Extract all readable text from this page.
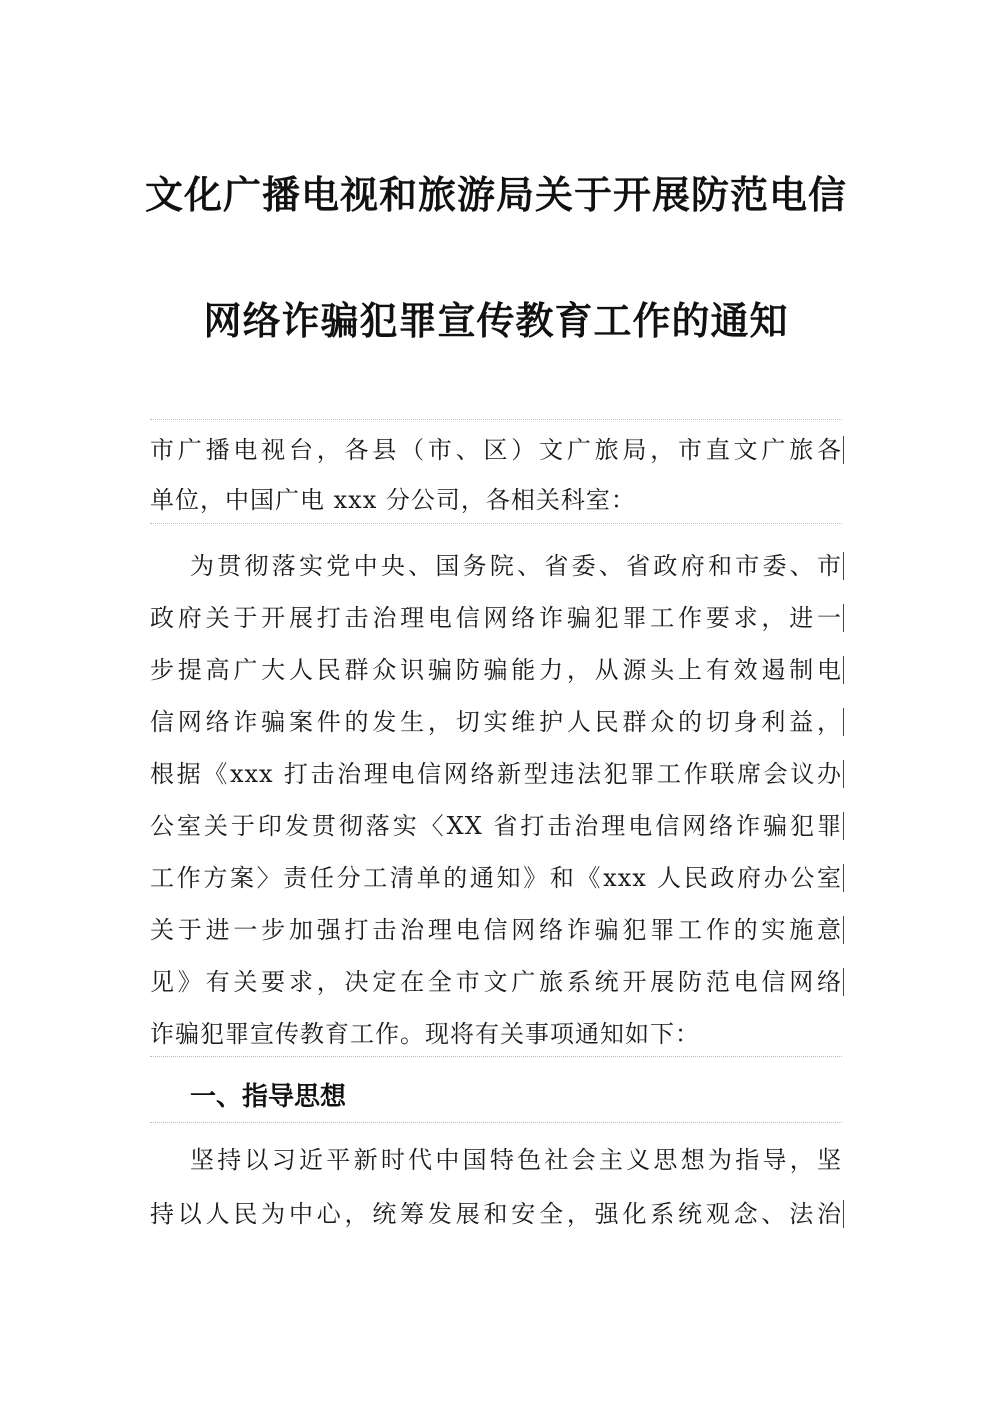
文化广播电视和旅游局关于开展防范电信
网络诈骗犯罪宣传教育工作的通知
市广播电视台，各县（市、区）文广旅局，市直文广旅各
单位，中国广电 xxx 分公司，各相关科室：
为贯彻落实党中央、国务院、省委、省政府和市委、市
政府关于开展打击治理电信网络诈骗犯罪工作要求，进一
步提高广大人民群众识骗防骗能力，从源头上有效遏制电
信网络诈骗案件的发生，切实维护人民群众的切身利益，
根据《xxx 打击治理电信网络新型违法犯罪工作联席会议办
公室关于印发贯彻落实〈XX 省打击治理电信网络诈骗犯罪
工作方案〉责任分工清单的通知》和《xxx 人民政府办公室
关于进一步加强打击治理电信网络诈骗犯罪工作的实施意
见》有关要求，决定在全市文广旅系统开展防范电信网络
诈骗犯罪宣传教育工作。现将有关事项通知如下：
一、指导思想
坚持以习近平新时代中国特色社会主义思想为指导，坚
持以人民为中心，统筹发展和安全，强化系统观念、法治
